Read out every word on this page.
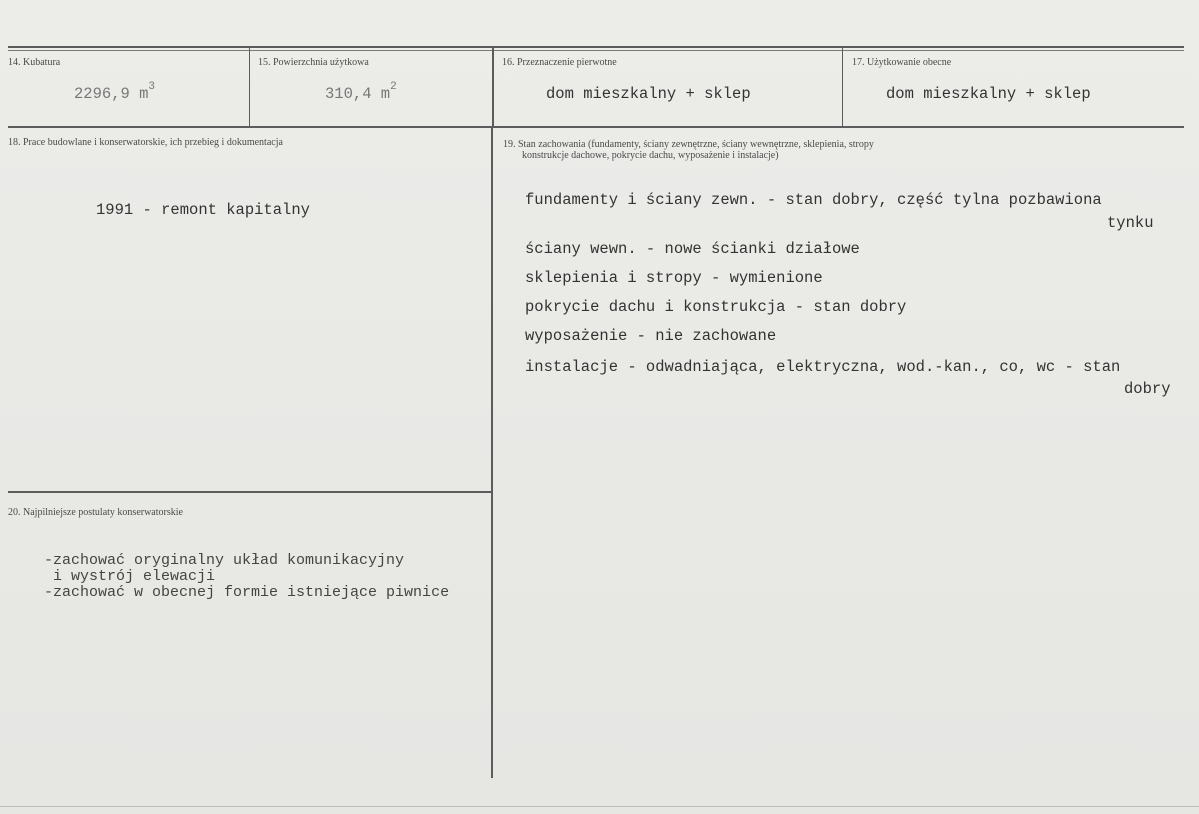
14. Kubatura
2296,9 $m^3$
15. Powierzchnia użytkowa
310,4 $m^2$
16. Przeznaczenie pierwotne
dom mieszkalny + sklep
17. Użytkowanie obecne
dom mieszkalny + sklep
18. Prace budowlane i konserwatorskie, ich przebieg i dokumentacja
1991 - remont kapitalny
19. Stan zachowania (fundamenty, ściany zewnętrzne, ściany wewnętrzne, sklepienia, stropy
konstrukcje dachowe, pokrycie dachu, wyposażenie i instalacje)
fundamenty i ściany zewn. - stan dobry, część tylna pozbawiona
tynku
ściany wewn. - nowe ścianki działowe
sklepienia i stropy - wymienione
pokrycie dachu i konstrukcja - stan dobry
wyposażenie - nie zachowane
instalacje - odwadniająca, elektryczna, wod.-kan., co, wc - stan
dobry
20. Najpilniejsze postulaty konserwatorskie
-zachować oryginalny układ komunikacyjny
i wystrój elewacji
-zachować w obecnej formie istniejące piwnice
